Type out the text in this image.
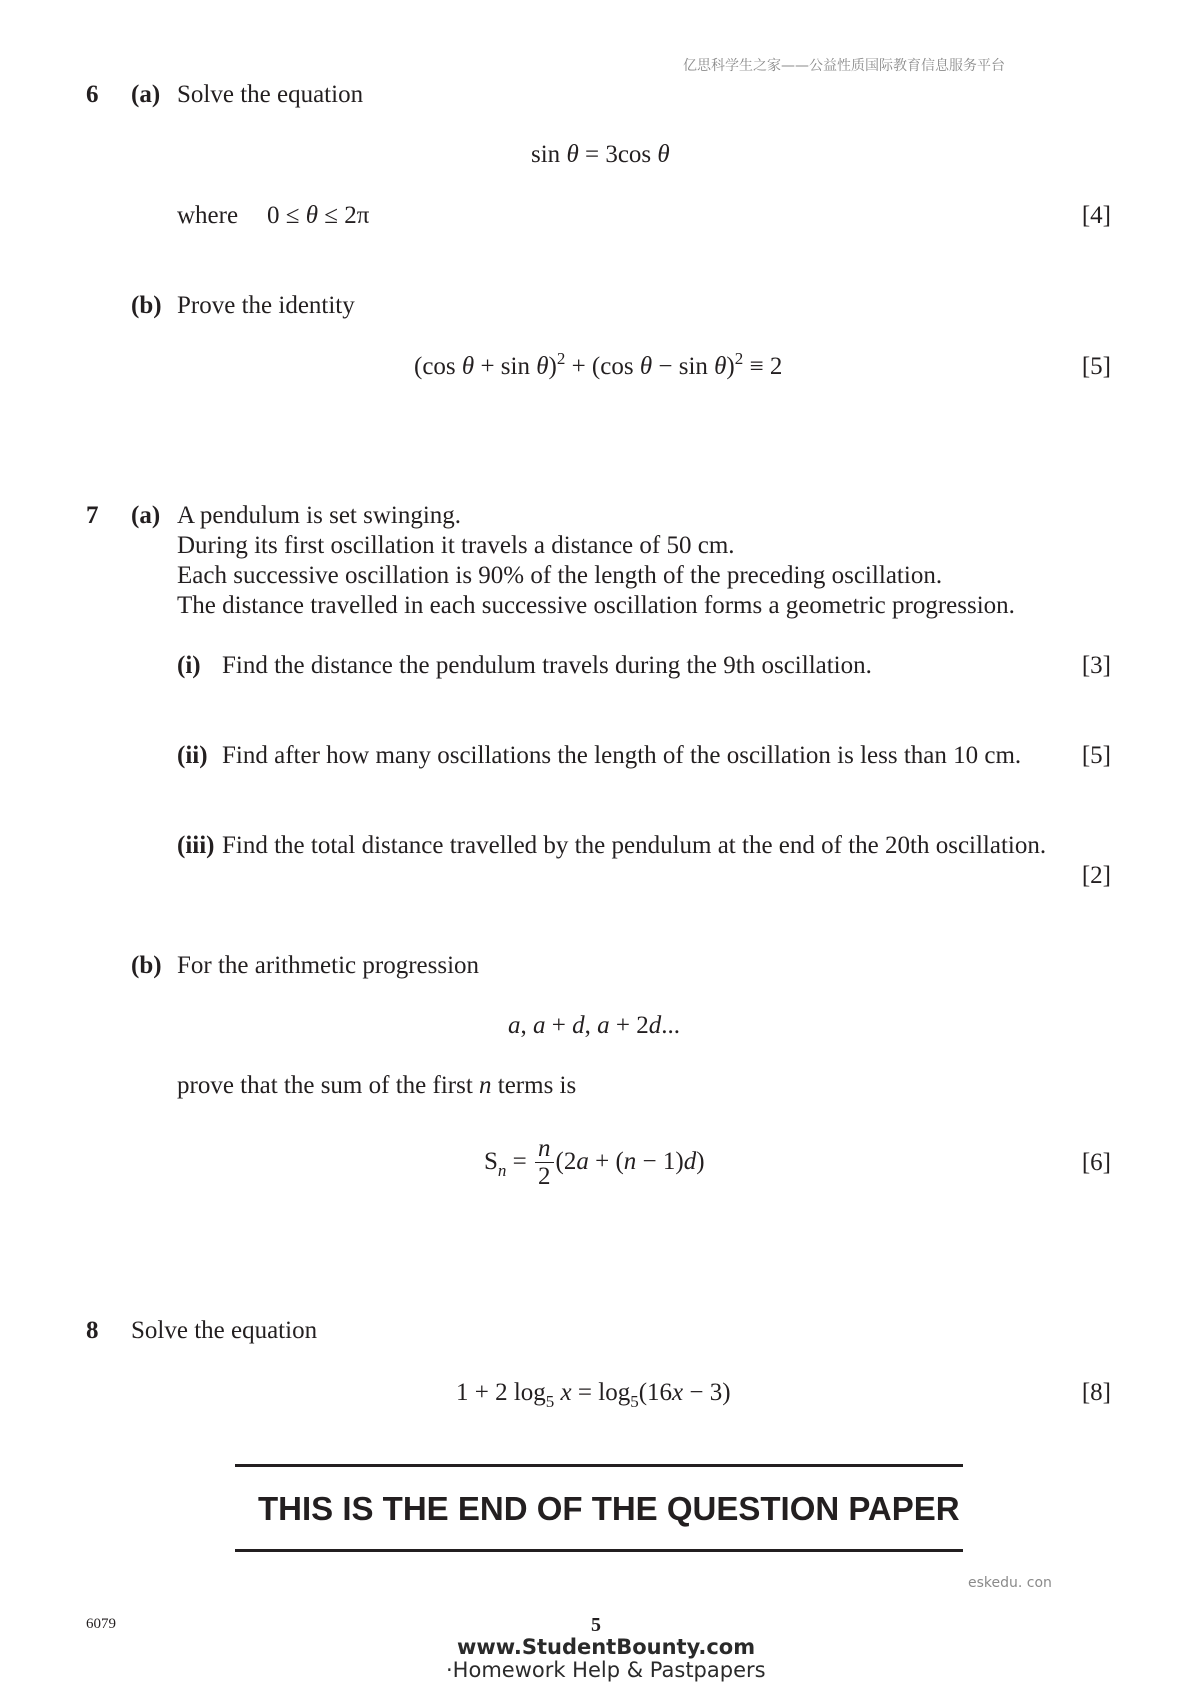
亿思科学生之家——公益性质国际教育信息服务平台
6 (a) Solve the equation
sin θ = 3cos θ
where 0 ≤ θ ≤ 2π	[4]
(b) Prove the identity
(cos θ + sin θ)$^2$ + (cos θ − sin θ)$^2$ ≡ 2	[5]
7 (a) A pendulum is set swinging.
During its first oscillation it travels a distance of 50 cm.
Each successive oscillation is 90% of the length of the preceding oscillation.
The distance travelled in each successive oscillation forms a geometric progression.
(i) Find the distance the pendulum travels during the 9th oscillation.	[3]
(ii) Find after how many oscillations the length of the oscillation is less than 10 cm. [5]
(iii) Find the total distance travelled by the pendulum at the end of the 20th oscillation.
[2]
(b) For the arithmetic progression
a, a + d, a + 2d...
prove that the sum of the first n terms is
$S_n = \frac{n}{2} (2a + (n - 1)d)$	[6]
8 Solve the equation
1 + 2 $\log_5 x = \log_5(16x - 3)$	[8]
THIS IS THE END OF THE QUESTION PAPER
eskedu. con
6079	5
www.StudentBounty.com
·Homework Help & Pastpapers
